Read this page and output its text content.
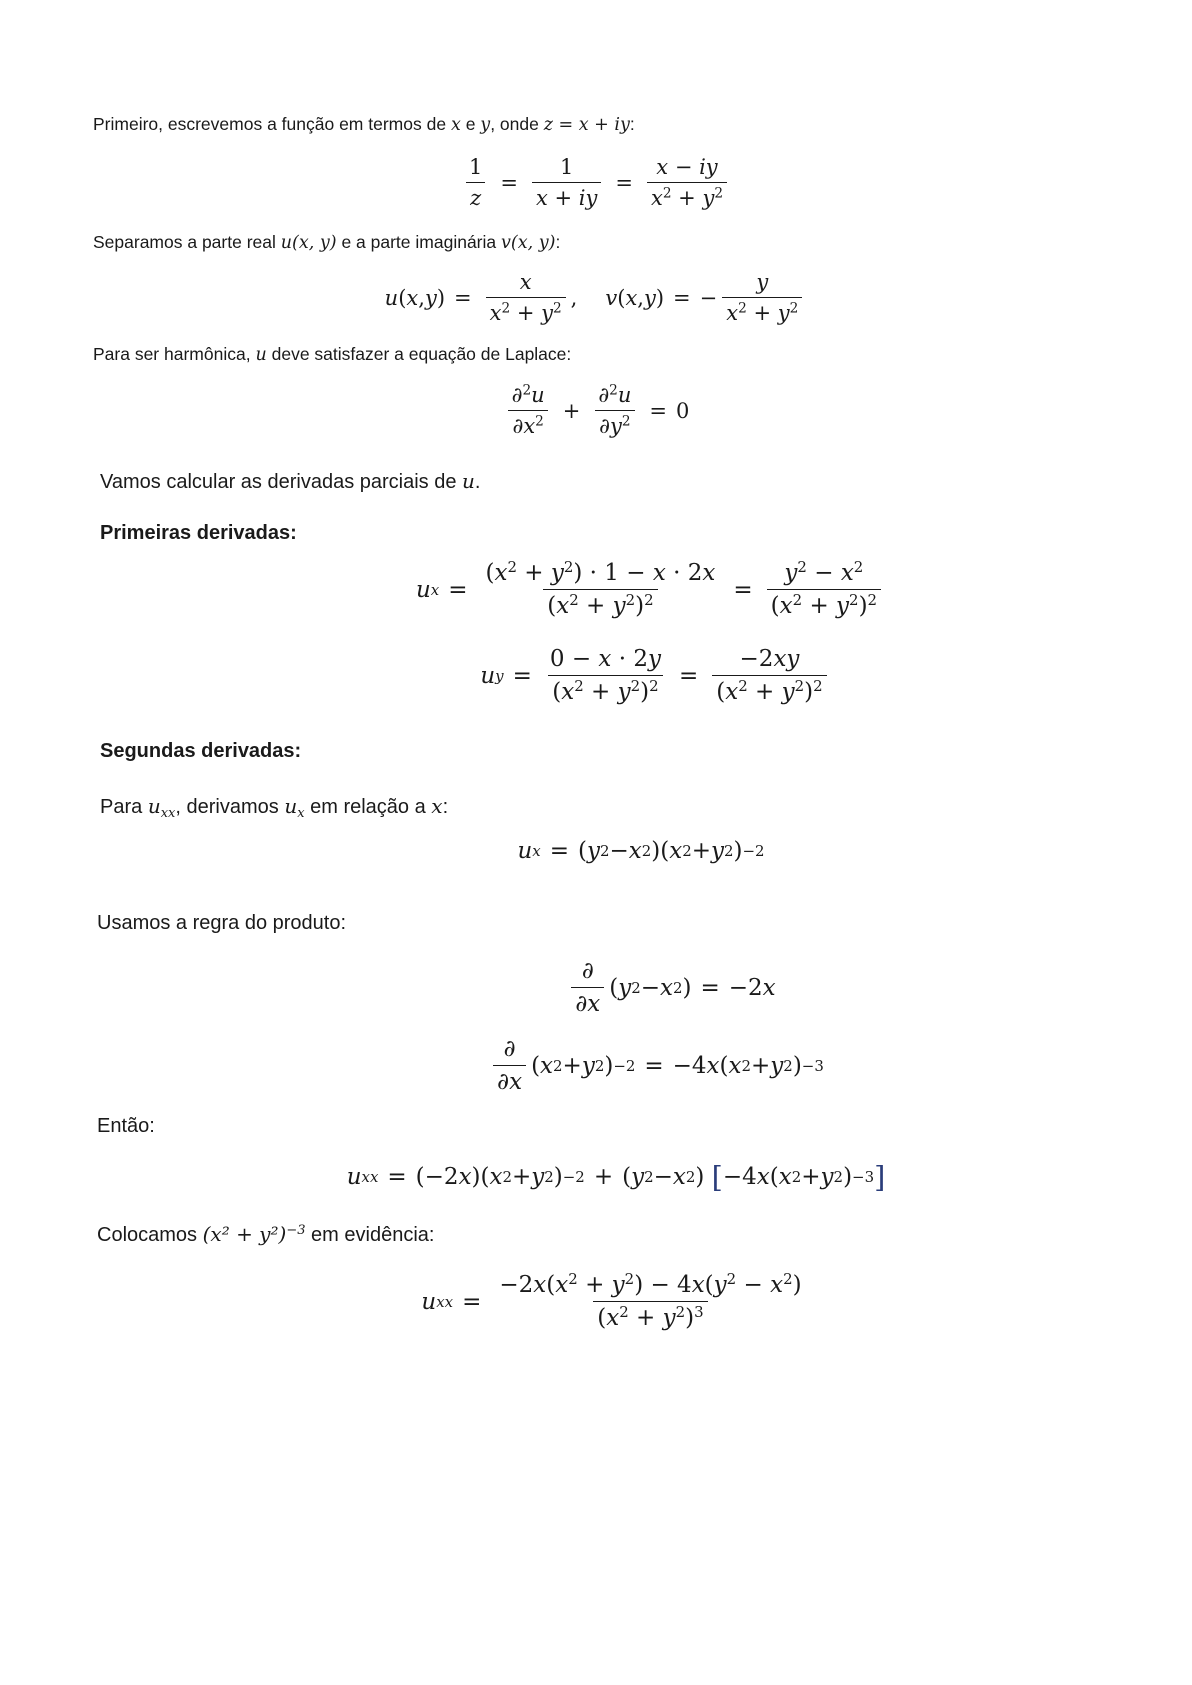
Primeiro, escrevemos a função em termos de x e y, onde z = x + iy:
$\frac{1}{z} = \frac{1}{x + iy} = \frac{x - iy}{x^2 + y^2}$
Separamos a parte real u(x, y) e a parte imaginária v(x, y):
u ( x , y ) = $\frac{x}{x^2 + y^2}$ , v ( x , y ) = − $\frac{y}{x^2 + y^2}$
Para ser harmônica, u deve satisfazer a equação de Laplace:
$\frac{\partial^2u}{\partial x^2} + \frac{\partial^2u}{\partial y^2} = 0$
Vamos calcular as derivadas parciais de u.
Primeiras derivadas:
u $x = \frac{(x^2 + y^2) \cdot 1 - x \cdot 2x}{(x^2 + y^2)^2} = \frac{y^2 - x^2}{(x^2 + y^2)^2}$
u $y = \frac{0 - x \cdot 2y}{(x^2 + y^2)^2} = \frac{-2xy}{(x^2 + y^2)^2}$
Segundas derivadas:
Para $u_{xx}$, derivamos $u_x$ em relação a x:
u x = ( y 2 − x 2 )( x 2 + y 2 ) −2
Usamos a regra do produto:
$\frac{\partial}{\partial x}$ ( y 2 − x 2 ) = −2 x
$\frac{\partial}{\partial x}$ ( x 2 + y 2 ) −2 = −4 x ( x 2 + y 2 ) −3
Então:
u xx = (−2 x )( x 2 + y 2 ) −2 + ( y 2 − x 2 ) [ −4 x ( x 2 + y 2 ) −3 ]
Colocamos $(x^2 + y^2)^{-3}$ em evidência:
u xx = $\frac{-2x(x^2 + y^2) - 4x(y^2 - x^2)}{(x^2 + y^2)^3}$
